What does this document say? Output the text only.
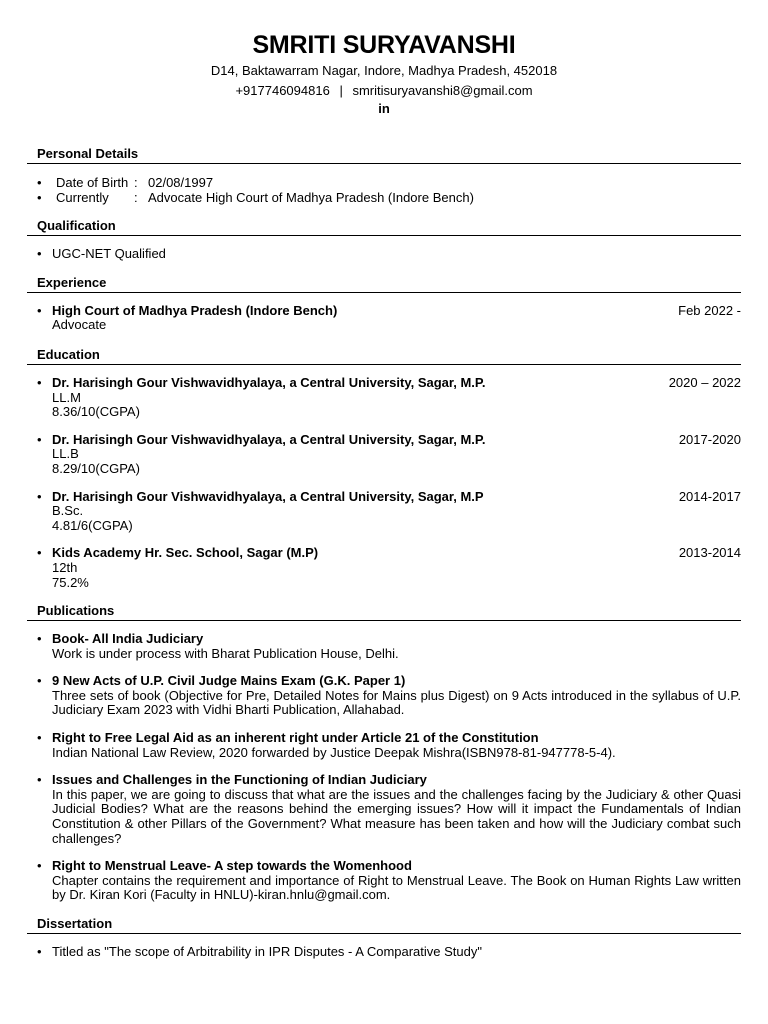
SMRITI SURYAVANSHI
D14, Baktawarram Nagar, Indore, Madhya Pradesh, 452018
+917746094816 | smritisuryavanshi8@gmail.com
in
Personal Details
• Date of Birth : 02/08/1997
• Currently	: Advocate High Court of Madhya Pradesh (Indore Bench)
Qualification
• UGC-NET Qualified
Experience
• High Court of Madhya Pradesh (Indore Bench)	Feb 2022 -
Advocate
Education
• Dr. Harisingh Gour Vishwavidhyalaya, a Central University, Sagar, M.P.	2020 – 2022
LL.M
8.36/10(CGPA)
• Dr. Harisingh Gour Vishwavidhyalaya, a Central University, Sagar, M.P.	2017-2020
LL.B
8.29/10(CGPA)
• Dr. Harisingh Gour Vishwavidhyalaya, a Central University, Sagar, M.P	2014-2017
B.Sc.
4.81/6(CGPA)
• Kids Academy Hr. Sec. School, Sagar (M.P)	2013-2014
12th
75.2%
Publications
• Book- All India Judiciary
Work is under process with Bharat Publication House, Delhi.
• 9 New Acts of U.P. Civil Judge Mains Exam (G.K. Paper 1)
Three sets of book (Objective for Pre, Detailed Notes for Mains plus Digest) on 9 Acts introduced in the syllabus of U.P. Judiciary Exam 2023 with Vidhi Bharti Publication, Allahabad.
• Right to Free Legal Aid as an inherent right under Article 21 of the Constitution
Indian National Law Review, 2020 forwarded by Justice Deepak Mishra(ISBN978-81-947778-5-4).
• Issues and Challenges in the Functioning of Indian Judiciary
In this paper, we are going to discuss that what are the issues and the challenges facing by the Judiciary & other Quasi Judicial Bodies? What are the reasons behind the emerging issues? How will it impact the Fundamentals of Indian Constitution & other Pillars of the Government? What measure has been taken and how will the Judiciary combat such challenges?
• Right to Menstrual Leave- A step towards the Womenhood
Chapter contains the requirement and importance of Right to Menstrual Leave. The Book on Human Rights Law written by Dr. Kiran Kori (Faculty in HNLU)-kiran.hnlu@gmail.com.
Dissertation
• Titled as "The scope of Arbitrability in IPR Disputes - A Comparative Study"
